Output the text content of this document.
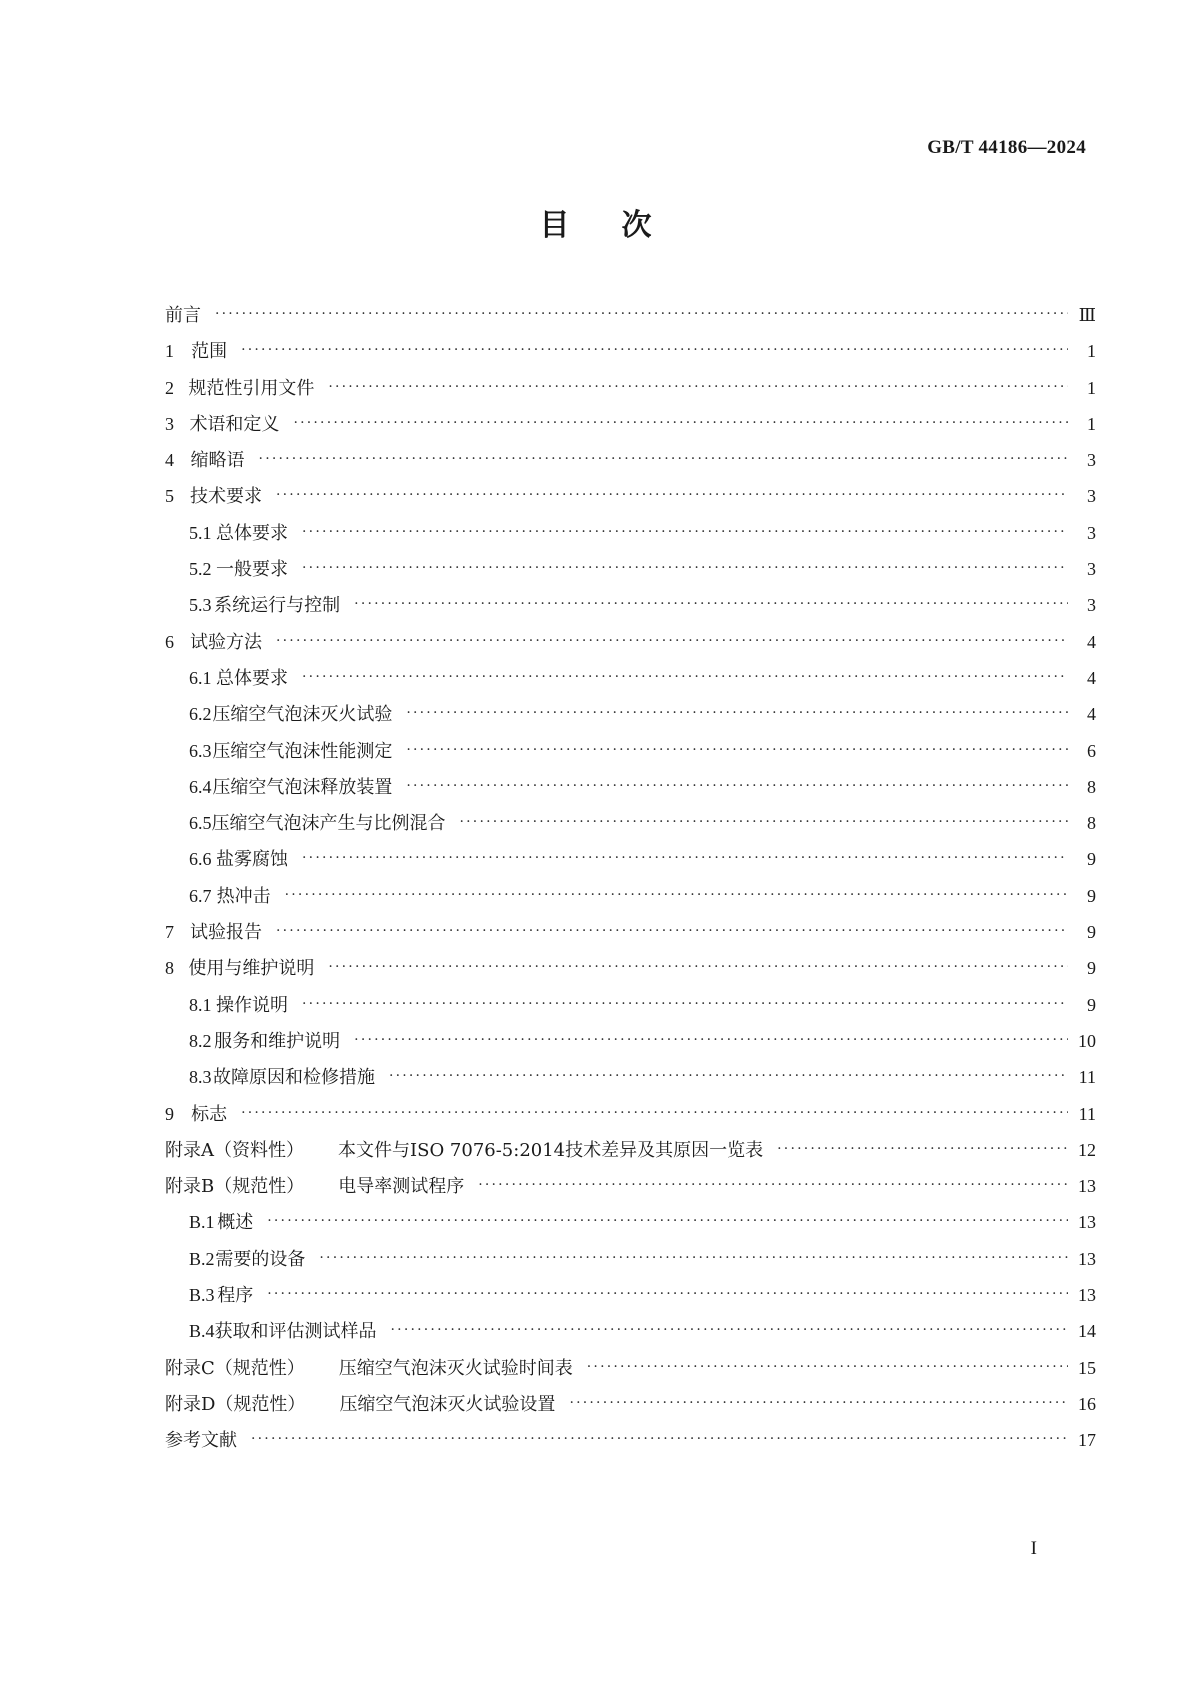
GB/T 44186—2024
目次
前言 ·····	Ⅲ
1 范围 ·····	1
2 规范性引用文件 ·····	1
3 术语和定义 ·····	1
4 缩略语 ·····	3
5 技术要求 ·····	3
5.1 总体要求 ·····	3
5.2 一般要求 ·····	3
5.3 系统运行与控制 ·····	3
6 试验方法 ·····	4
6.1 总体要求 ·····	4
6.2 压缩空气泡沫灭火试验 ·····	4
6.3 压缩空气泡沫性能测定 ·····	6
6.4 压缩空气泡沫释放装置 ·····	8
6.5 压缩空气泡沫产生与比例混合 ·····	8
6.6 盐雾腐蚀 ·····	9
6.7 热冲击 ·····	9
7 试验报告 ·····	9
8 使用与维护说明 ·····	9
8.1 操作说明 ·····	9
8.2 服务和维护说明 ·····	10
8.3 故障原因和检修措施 ·····	11
9 标志 ·····	11
附录A（资料性） 本文件与ISO 7076-5:2014技术差异及其原因一览表 ·····	12
附录B（规范性） 电导率测试程序 ·····	13
B.1 概述 ·····	13
B.2 需要的设备 ·····	13
B.3 程序 ·····	13
B.4 获取和评估测试样品 ·····	14
附录C（规范性） 压缩空气泡沫灭火试验时间表 ·····	15
附录D（规范性） 压缩空气泡沫灭火试验设置 ·····	16
参考文献 ·····	17
I
